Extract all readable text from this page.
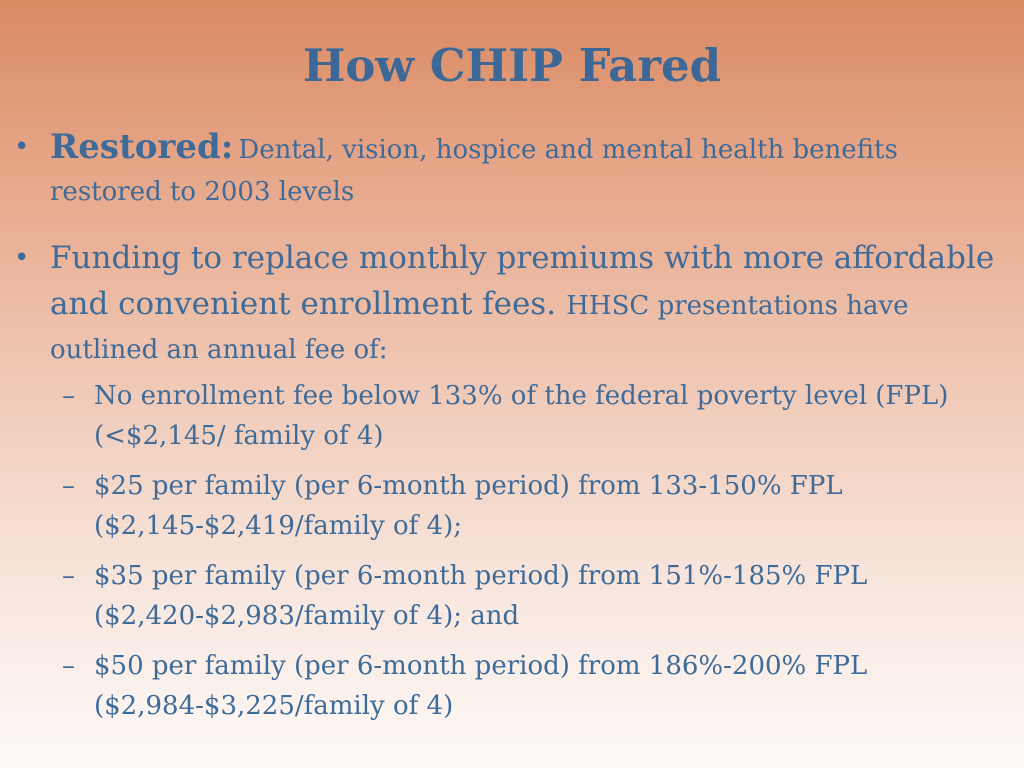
How CHIP Fared
• Restored: Dental, vision, hospice and mental health benefits restored to 2003 levels
• Funding to replace monthly premiums with more affordable and convenient enrollment fees. HHSC presentations have outlined an annual fee of:
– No enrollment fee below 133% of the federal poverty level (FPL) (<$2,145/ family of 4)
– $25 per family (per 6-month period) from 133-150% FPL ($2,145-$2,419/family of 4);
– $35 per family (per 6-month period) from 151%-185% FPL ($2,420-$2,983/family of 4); and
– $50 per family (per 6-month period) from 186%-200% FPL ($2,984-$3,225/family of 4)
